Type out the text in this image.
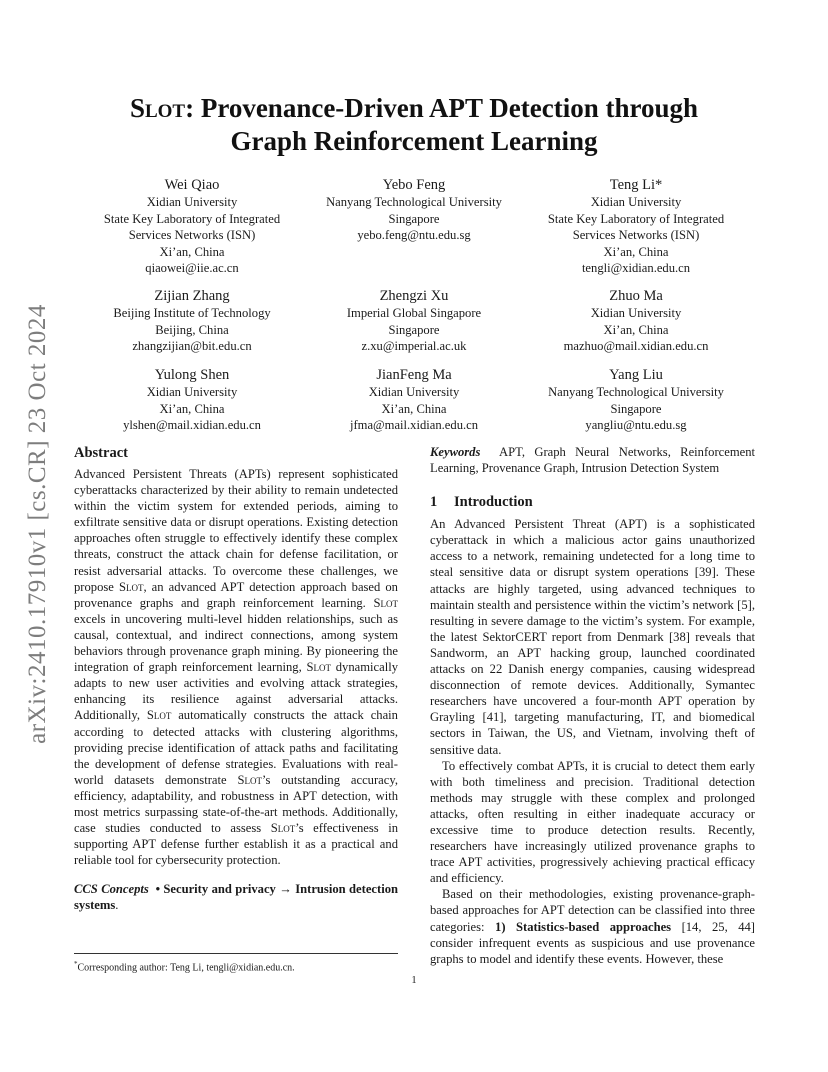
arXiv:2410.17910v1 [cs.CR] 23 Oct 2024
Slot: Provenance-Driven APT Detection through
Graph Reinforcement Learning
Wei Qiao
Xidian University
State Key Laboratory of Integrated
Services Networks (ISN)
Xi’an, China
qiaowei@iie.ac.cn
Yebo Feng
Nanyang Technological University
Singapore
yebo.feng@ntu.edu.sg
Teng Li*
Xidian University
State Key Laboratory of Integrated
Services Networks (ISN)
Xi’an, China
tengli@xidian.edu.cn
Zijian Zhang
Beijing Institute of Technology
Beijing, China
zhangzijian@bit.edu.cn
Zhengzi Xu
Imperial Global Singapore
Singapore
z.xu@imperial.ac.uk
Zhuo Ma
Xidian University
Xi’an, China
mazhuo@mail.xidian.edu.cn
Yulong Shen
Xidian University
Xi’an, China
ylshen@mail.xidian.edu.cn
JianFeng Ma
Xidian University
Xi’an, China
jfma@mail.xidian.edu.cn
Yang Liu
Nanyang Technological University
Singapore
yangliu@ntu.edu.sg
Abstract

Advanced Persistent Threats (APTs) represent sophisticated cyberattacks characterized by their ability to remain undetected within the victim system for extended periods, aiming to exfiltrate sensitive data or disrupt operations. Existing detection approaches often struggle to effectively identify these complex threats, construct the attack chain for defense facilitation, or resist adversarial attacks. To overcome these challenges, we propose Slot, an advanced APT detection approach based on provenance graphs and graph reinforcement learning. Slot excels in uncovering multi-level hidden relationships, such as causal, contextual, and indirect connections, among system behaviors through provenance graph mining. By pioneering the integration of graph reinforcement learning, Slot dynamically adapts to new user activities and evolving attack strategies, enhancing its resilience against adversarial attacks. Additionally, Slot automatically constructs the attack chain according to detected attacks with clustering algorithms, providing precise identification of attack paths and facilitating the development of defense strategies. Evaluations with real-world datasets demonstrate Slot’s outstanding accuracy, efficiency, adaptability, and robustness in APT detection, with most metrics surpassing state-of-the-art methods. Additionally, case studies conducted to assess Slot’s effectiveness in supporting APT defense further establish it as a practical and reliable tool for cybersecurity protection.

CCS Concepts • Security and privacy → Intrusion detection systems.

Keywords APT, Graph Neural Networks, Reinforcement Learning, Provenance Graph, Intrusion Detection System

1 Introduction

An Advanced Persistent Threat (APT) is a sophisticated cyberattack in which a malicious actor gains unauthorized access to a network, remaining undetected for a long time to steal sensitive data or disrupt system operations [39]. These attacks are highly targeted, using advanced techniques to maintain stealth and persistence within the victim’s network [5], resulting in severe damage to the victim’s system. For example, the latest SektorCERT report from Denmark [38] reveals that Sandworm, an APT hacking group, launched coordinated attacks on 22 Danish energy companies, causing widespread disconnection of remote devices. Additionally, Symantec researchers have uncovered a four-month APT operation by Grayling [41], targeting manufacturing, IT, and biomedical sectors in Taiwan, the US, and Vietnam, involving theft of sensitive data.

To effectively combat APTs, it is crucial to detect them early with both timeliness and precision. Traditional detection methods may struggle with these complex and prolonged attacks, often resulting in either inadequate accuracy or excessive time to produce detection results. Recently, researchers have increasingly utilized provenance graphs to trace APT activities, progressively achieving practical efficacy and efficiency.

Based on their methodologies, existing provenance-graph-based approaches for APT detection can be classified into three categories: 1) Statistics-based approaches [14, 25, 44] consider infrequent events as suspicious and use provenance graphs to model and identify these events. However, these

*Corresponding author: Teng Li, tengli@xidian.edu.cn.
1
